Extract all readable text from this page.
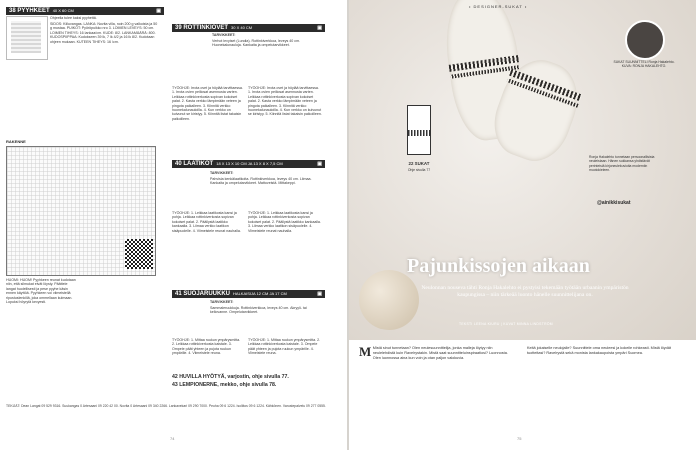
38 PYYHKEET 40 X 60 CM	▣

Ohjeella tulee kaksi pyyhettä.

SIDOS: Kiiluvangas. LANKA: Novita villa, noin 200 g valkoista ja 50 g mustaa. PUIKOT: Pyöröpuikko nro 3. LOIMEN LEVEYS: 50 cm. LOIMEN TIHEYS: 16 lankaa/cm. KUDE: 8/2. LANKAMÄÄRÄ: 800. KUDOSPIIPPAA: Kudokseen 39 lk, 7 lk 4/2 ja 16 lk 8/2. Kudotaan ohjeen mukaan. KUTEEN TIHEYS: 16 /cm.

RAKENNE
HUOMI: HUOM! Pyyhkeen reunat kudotaan niin, että silmukat eivät löysty. Päättele langat huolellisesti ja pese pyyhe käsin ennen käyttöä. Pyyhkeen voi viimeistellä ripustuslenkillä, joka ommellaan kulmaan. Lopuksi höyrytä kevyesti.
39 ROTTINKIOVET 30 X 40 CM	▣

TARVIKKEET:

Verhot levyiset (Lundia). Rottinkiverkkoa, leveys 40 cm. Huonekalunauloja. Kankaita ja ompelutarvikkeet.

TYÖOHJE: Irrota ovet ja höylää tarvittaessa. 1. Irrota ovien peiliosat asennusta varten. Leikkaa rottinkiverkosta sopivan kokoiset palat. 2. Kasta verkko lämpimään veteen ja pingota paikalleen. 3. Kiinnitä verkko huonekalunauloilla. 4. Kun verkko on kuivunut se kiristyy. 5. Kiinnitä listat takaisin paikoilleen.
TYÖOHJE: Irrota ovet ja höylää tarvittaessa. 1. Irrota ovien peiliosat asennusta varten. Leikkaa rottinkiverkosta sopivan kokoiset palat. 2. Kasta verkko lämpimään veteen ja pingota paikalleen. 3. Kiinnitä verkko huonekalunauloilla. 4. Kun verkko on kuivunut se kiristyy. 5. Kiinnitä listat takaisin paikoilleen.
40 LAATIKOT 18 X 13 X 10 CM JA 13 X 8 X 7,5 CM	▣

TARVIKKEET:

Pahvisia kenkälaatikoita. Rottinkiverkkoa, leveys 40 cm. Liimaa. Kankaita ja ompelutarvikkeet. Mattoveistä. Mittakeppi.

TYÖOHJE: 1. Leikkaa laatikosta kansi ja pohja. Leikkaa rottinkiverkosta sopivan kokoiset palat. 2. Päällystä laatikko kankaalla. 3. Liimaa verkko laatikon sisäpuolelle. 4. Viimeistele reunat nauhalla.
TYÖOHJE: 1. Leikkaa laatikosta kansi ja pohja. Leikkaa rottinkiverkosta sopivan kokoiset palat. 2. Päällystä laatikko kankaalla. 3. Liimaa verkko laatikon sisäpuolelle. 4. Viimeistele reunat nauhalla.
41 SUOJARUUKKU HALKAISIJA 12 CM JA 17 CM	▣

TARVIKKEET:

Sammaleruukkuja. Rottinkiverkkoa, leveys 40 cm. Akryyli- tai kellovanne. Ompelutarvikkeet.

TYÖOHJE: 1. Mittaa ruukun ympärysmitta. 2. Leikkaa rottinkiverkosta kaistale. 3. Ompele päät yhteen ja pujota ruukun ympärille. 4. Viimeistele reuna.
TYÖOHJE: 1. Mittaa ruukun ympärysmitta. 2. Leikkaa rottinkiverkosta kaistale. 3. Ompele päät yhteen ja pujota ruukun ympärille. 4. Viimeistele reuna.
42 HUVILLA HYÖTYÄ, varjostin, ohje sivulla 77.
43 LEMPIONERNE, mekko, ohje sivulla 78.
TEKIJÄT: Dean Langat 09 529 9316. Suukangas 0 Artesaani 09 220 42 00. Novita 0 Artesaani 09 340 2266. Lankavekari 09 290 7000. Peuha 09 6 1224. Isoliitos 09 6 1224. Kähkönen. Varustepalvelu 09 277 0555.
74
• DESIGNER-SUKAT •
SUKAT SUUNNITTELI Ronja Hakalehto. KUVA: RONJA HAKALEHTO.
22 SUKAT
Ohje sivulla 77
Ronja Hakalehto tunnetaan persoonallisista neuleistaan. Hänen sukkansa yhdistävät perinteisiä kirjoneulekuvioita moderniin muotokieleen.
@ainikkisukat
Pajunkissojen aikaan
Neulonnan nouseva tähti Ronja Hakalehto ei pystyisi tekemään työtään urbaanin ympäristön kaupungissa – niin tärkeää luonto hänelle suunnittelijana on.
TEKSTI LEENA KIURU | KUVAT MINNA LINDSTRÖM
M Mistä sinut tunnetaan? Olen neulesuunnittelija, jonka malleja löytyy niin neulelehdistä kuin Ravelrystakin. Mistä saat suunnitteluinspiraatiosi? Luonnosta. Olen luonnossa aina kun voin ja otan paljon valokuvia.
Keitä jokaiselle neulojalle? Suunnittele oma neuleesi ja kokeile rohkeasti. Mistä löydät tuotteitasi? Ravelrystä sekä monista lankakaupoista ympäri Suomea.
75
